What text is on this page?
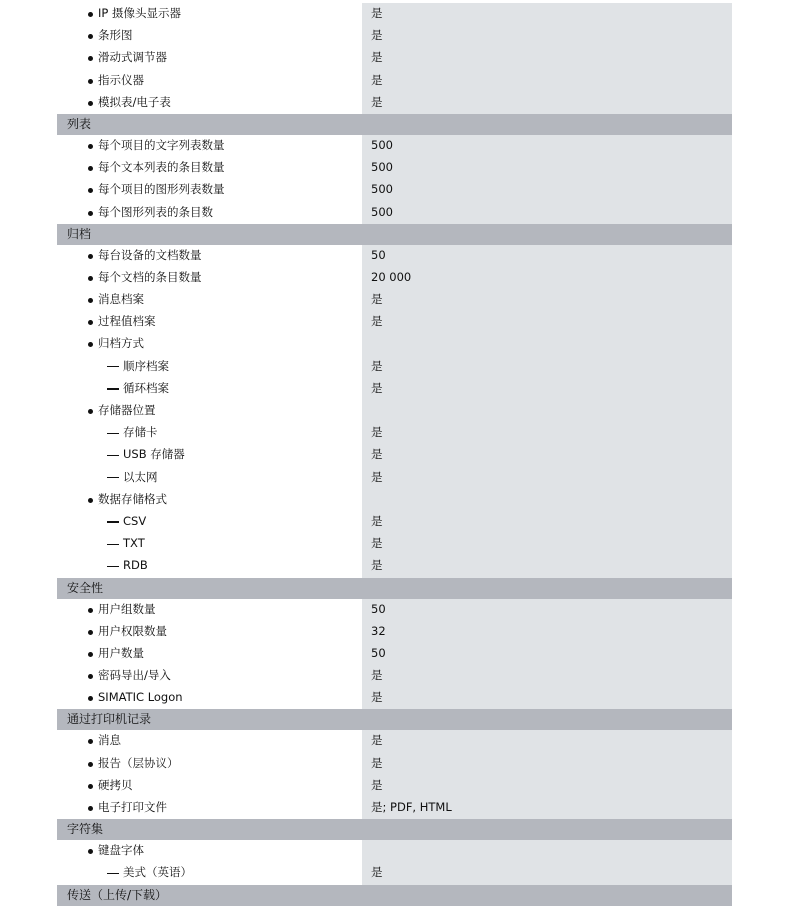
IP 摄像头显示器	是
条形图	是
滑动式调节器	是
指示仪器	是
模拟表/电子表	是
列表
每个项目的文字列表数量	500
每个文本列表的条目数量	500
每个项目的图形列表数量	500
每个图形列表的条目数	500
归档
每台设备的文档数量	50
每个文档的条目数量	20 000
消息档案	是
过程值档案	是
归档方式
顺序档案	是
循环档案	是
存储器位置
存储卡	是
USB 存储器	是
以太网	是
数据存储格式
CSV	是
TXT	是
RDB	是
安全性
用户组数量	50
用户权限数量	32
用户数量	50
密码导出/导入	是
SIMATIC Logon	是
通过打印机记录
消息	是
报告（层协议）	是
硬拷贝	是
电子打印文件	是; PDF, HTML
字符集
键盘字体
美式（英语）	是
传送（上传/下载）
